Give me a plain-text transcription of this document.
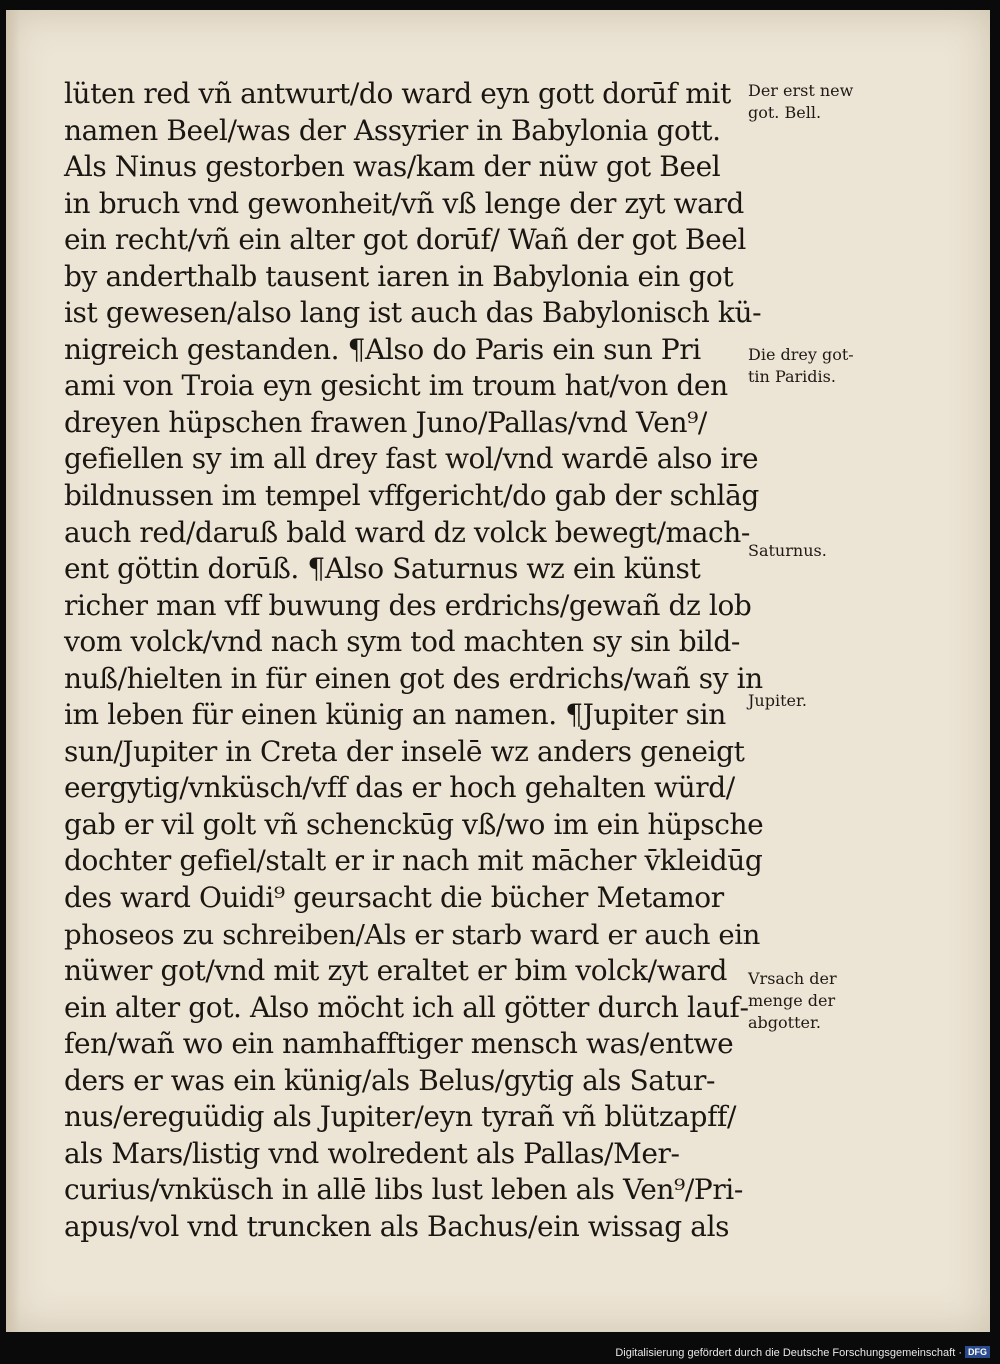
lüten red vñ antwurt/do ward eyn gott dorūf mit
namen Beel/was der Assyrier in Babylonia gott.
Als Ninus gestorben was/kam der nüw got Beel
in bruch vnd gewonheit/vñ vß lenge der zyt ward
ein recht/vñ ein alter got dorūf/ Wañ der got Beel
by anderthalb tausent iaren in Babylonia ein got
ist gewesen/also lang ist auch das Babylonisch kü‐
nigreich gestanden. ¶Also do Paris ein sun Pri
ami von Troia eyn gesicht im troum hat/von den
dreyen hüpschen frawen Juno/Pallas/vnd Ven⁹/
gefiellen sy im all drey fast wol/vnd wardē also ire
bildnussen im tempel vffgericht/do gab der schlāg
auch red/daruß bald ward dz volck bewegt/mach‐
ent göttin dorūß. ¶Also Saturnus wz ein künst
richer man vff buwung des erdrichs/gewañ dz lob
vom volck/vnd nach sym tod machten sy sin bild‐
nuß/hielten in für einen got des erdrichs/wañ sy in
im leben für einen künig an namen. ¶Jupiter sin
sun/Jupiter in Creta der inselē wz anders geneigt
eergytig/vnküsch/vff das er hoch gehalten würd/
gab er vil golt vñ schenckūg vß/wo im ein hüpsche
dochter gefiel/stalt er ir nach mit mācher v̄kleidūg
des ward Ouidi⁹ geursacht die bücher Metamor
phoseos zu schreiben/Als er starb ward er auch ein
nüwer got/vnd mit zyt eraltet er bim volck/ward
ein alter got. Also möcht ich all götter durch lauf‐
fen/wañ wo ein namhafftiger mensch was/entwe
ders er was ein künig/als Belus/gytig als Satur‐
nus/ereguüdig als Jupiter/eyn tyrañ vñ blützapff/
als Mars/listig vnd wolredent als Pallas/Mer‐
curius/vnküsch in allē libs lust leben als Ven⁹/Pri‐
apus/vol vnd truncken als Bachus/ein wissag als
Der erst new
got. Bell.
Die drey got‐
tin Paridis.
Saturnus.
Jupiter.
Vrsach der
menge der
abgotter.
Digitalisierung gefördert durch die Deutsche Forschungsgemeinschaft · DFG
